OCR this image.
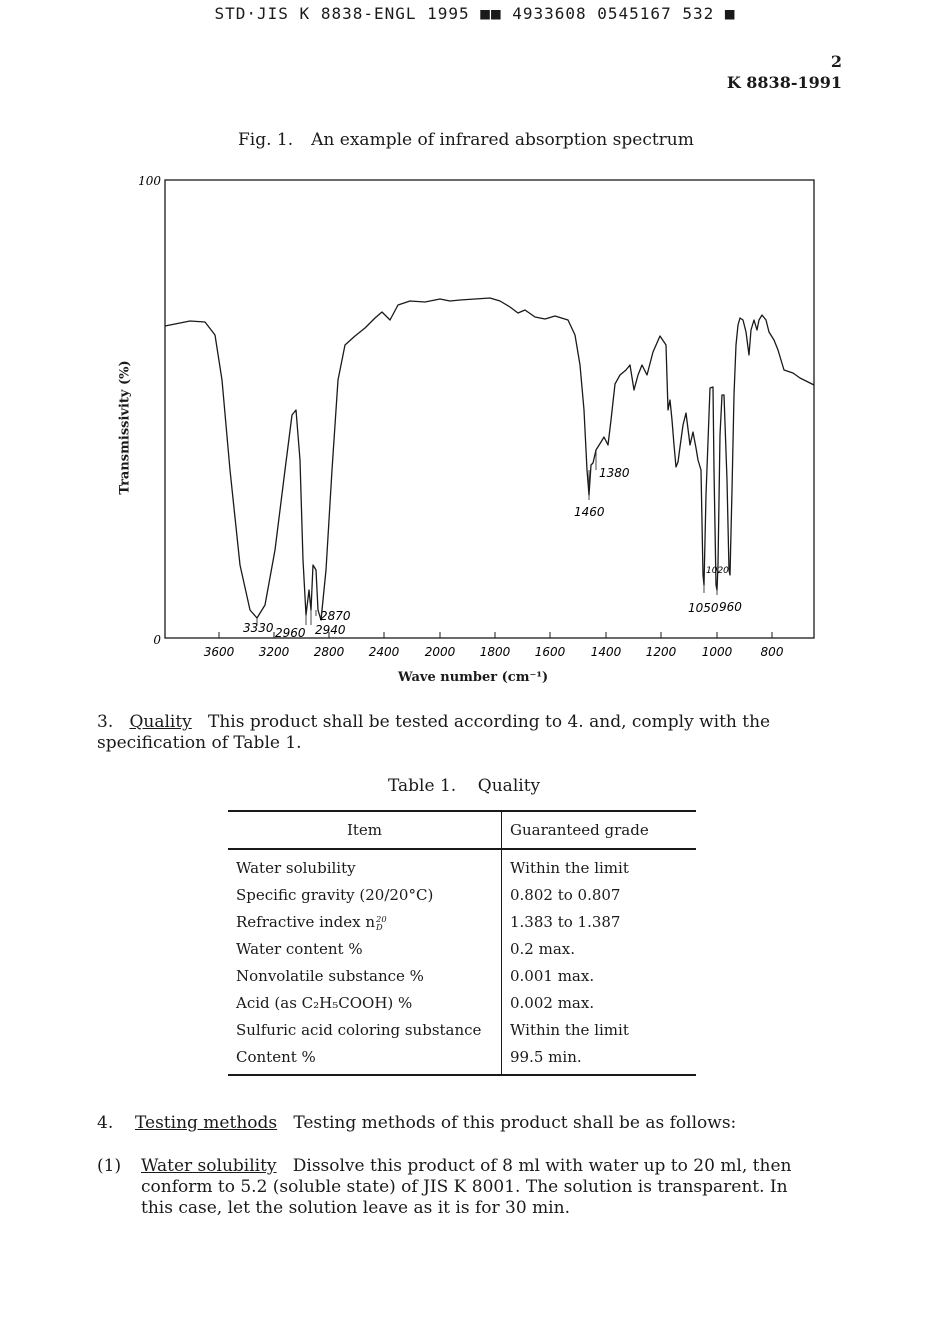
STD·JIS K 8838-ENGL 1995 ■■ 4933608 0545167 532 ■
2
K 8838-1991
Fig. 1. An example of infrared absorption spectrum
Transmissivity (%)
100
0
3600 3200 2800 2400 2000 1800 1600 1400 1200 1000 800
3330 2960 2940
2870
1460
1380
1050
1020
960
Wave number (cm⁻¹)
3. Quality This product shall be tested according to 4. and, comply with the
specification of Table 1.
Table 1. Quality
Item	Guaranteed grade
Water solubility	Within the limit
Specific gravity (20/20°C)	0.802 to 0.807
Refractive index n 20
D	1.383 to 1.387
Water content %	0.2 max.
Nonvolatile substance %	0.001 max.
Acid (as C₂H₅COOH) %	0.002 max.
Sulfuric acid coloring substance	Within the limit
Content %	99.5 min.
4. Testing methods Testing methods of this product shall be as follows:
(1) Water solubility Dissolve this product of 8 ml with water up to 20 ml, then
conform to 5.2 (soluble state) of JIS K 8001. The solution is transparent. In
this case, let the solution leave as it is for 30 min.
